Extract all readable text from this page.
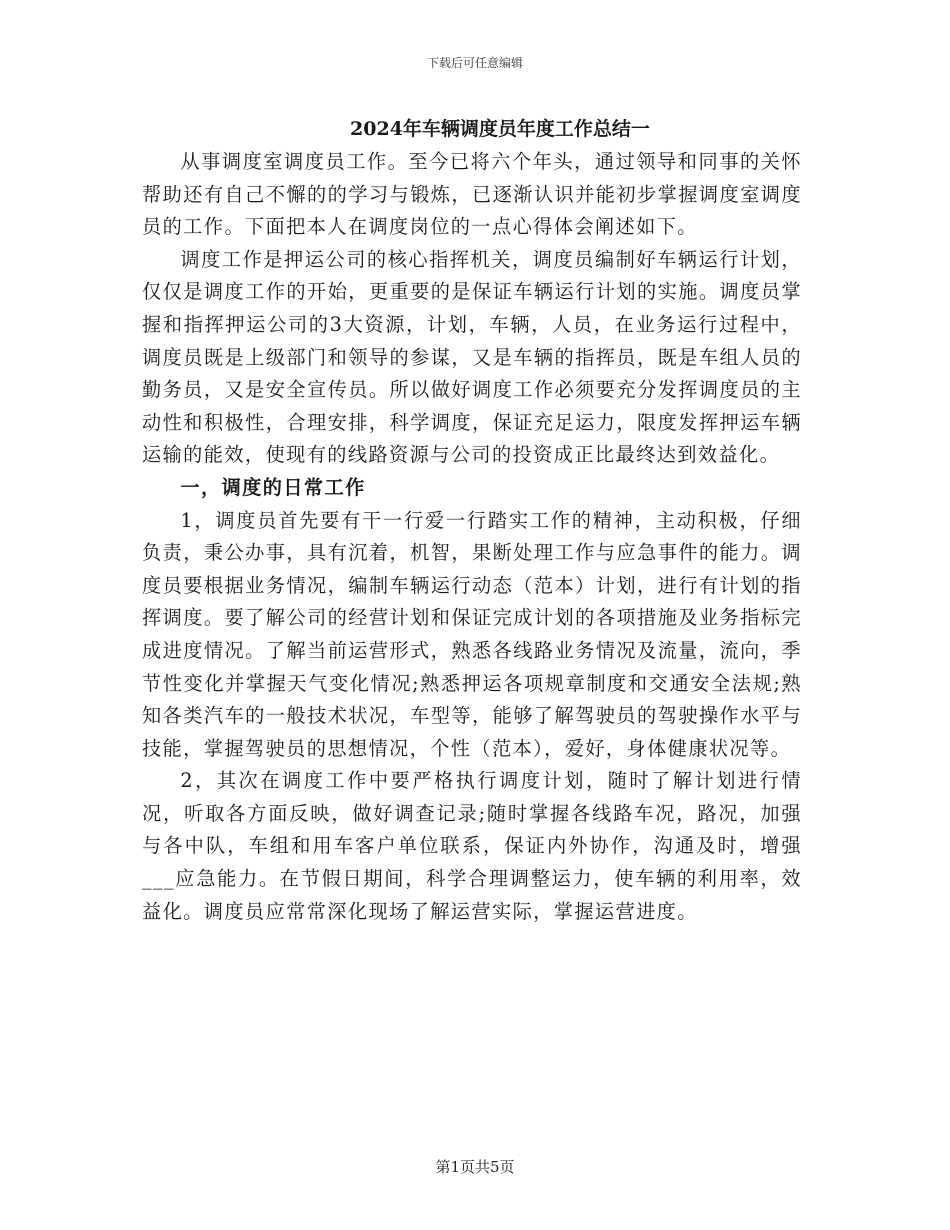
下载后可任意编辑
2024年车辆调度员年度工作总结一

从事调度室调度员工作。至今已将六个年头，通过领导和同事的关怀帮助还有自己不懈的的学习与锻炼，已逐渐认识并能初步掌握调度室调度员的工作。下面把本人在调度岗位的一点心得体会阐述如下。

调度工作是押运公司的核心指挥机关，调度员编制好车辆运行计划，仅仅是调度工作的开始，更重要的是保证车辆运行计划的实施。调度员掌握和指挥押运公司的3大资源，计划，车辆，人员，在业务运行过程中，调度员既是上级部门和领导的参谋，又是车辆的指挥员，既是车组人员的勤务员，又是安全宣传员。所以做好调度工作必须要充分发挥调度员的主动性和积极性，合理安排，科学调度，保证充足运力，限度发挥押运车辆运输的能效，使现有的线路资源与公司的投资成正比最终达到效益化。

一，调度的日常工作

1，调度员首先要有干一行爱一行踏实工作的精神，主动积极，仔细负责，秉公办事，具有沉着，机智，果断处理工作与应急事件的能力。调度员要根据业务情况，编制车辆运行动态（范本）计划，进行有计划的指挥调度。要了解公司的经营计划和保证完成计划的各项措施及业务指标完成进度情况。了解当前运营形式，熟悉各线路业务情况及流量，流向，季节性变化并掌握天气变化情况;熟悉押运各项规章制度和交通安全法规;熟知各类汽车的一般技术状况，车型等，能够了解驾驶员的驾驶操作水平与技能，掌握驾驶员的思想情况，个性（范本），爱好，身体健康状况等。

2，其次在调度工作中要严格执行调度计划，随时了解计划进行情况，听取各方面反映，做好调查记录;随时掌握各线路车况，路况，加强与各中队，车组和用车客户单位联系，保证内外协作，沟通及时，增强___应急能力。在节假日期间，科学合理调整运力，使车辆的利用率，效益化。调度员应常常深化现场了解运营实际，掌握运营进度。

第1页共5页
